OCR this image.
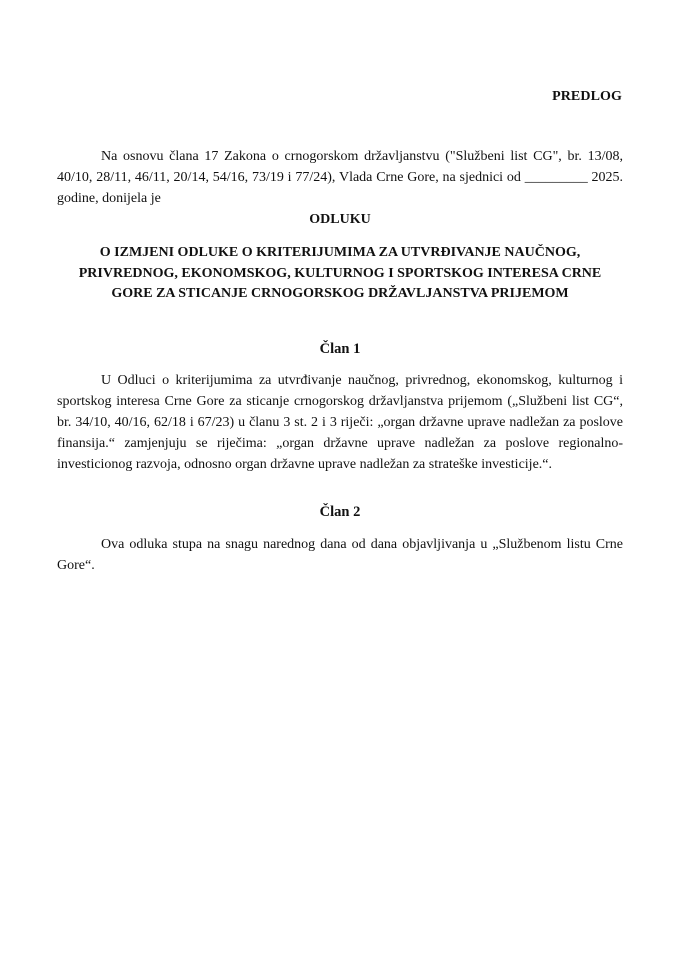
PREDLOG
Na osnovu člana 17 Zakona o crnogorskom državljanstvu ("Službeni list CG", br. 13/08, 40/10, 28/11, 46/11, 20/14, 54/16, 73/19 i 77/24), Vlada Crne Gore, na sjednici od _________ 2025. godine, donijela je
ODLUKU
O IZMJENI ODLUKE O KRITERIJUMIMA ZA UTVRĐIVANJE NAUČNOG, PRIVREDNOG, EKONOMSKOG, KULTURNOG I SPORTSKOG INTERESA CRNE GORE ZA STICANJE CRNOGORSKOG DRŽAVLJANSTVA PRIJEMOM
Član 1
U Odluci o kriterijumima za utvrđivanje naučnog, privrednog, ekonomskog, kulturnog i sportskog interesa Crne Gore za sticanje crnogorskog državljanstva prijemom („Službeni list CG“, br. 34/10, 40/16, 62/18 i 67/23) u članu 3 st. 2 i 3 riječi: „organ državne uprave nadležan za poslove finansija.“ zamjenjuju se riječima: „organ državne uprave nadležan za poslove regionalno-investicionog razvoja, odnosno organ državne uprave nadležan za strateške investicije.“.
Član 2
Ova odluka stupa na snagu narednog dana od dana objavljivanja u „Službenom listu Crne Gore“.
